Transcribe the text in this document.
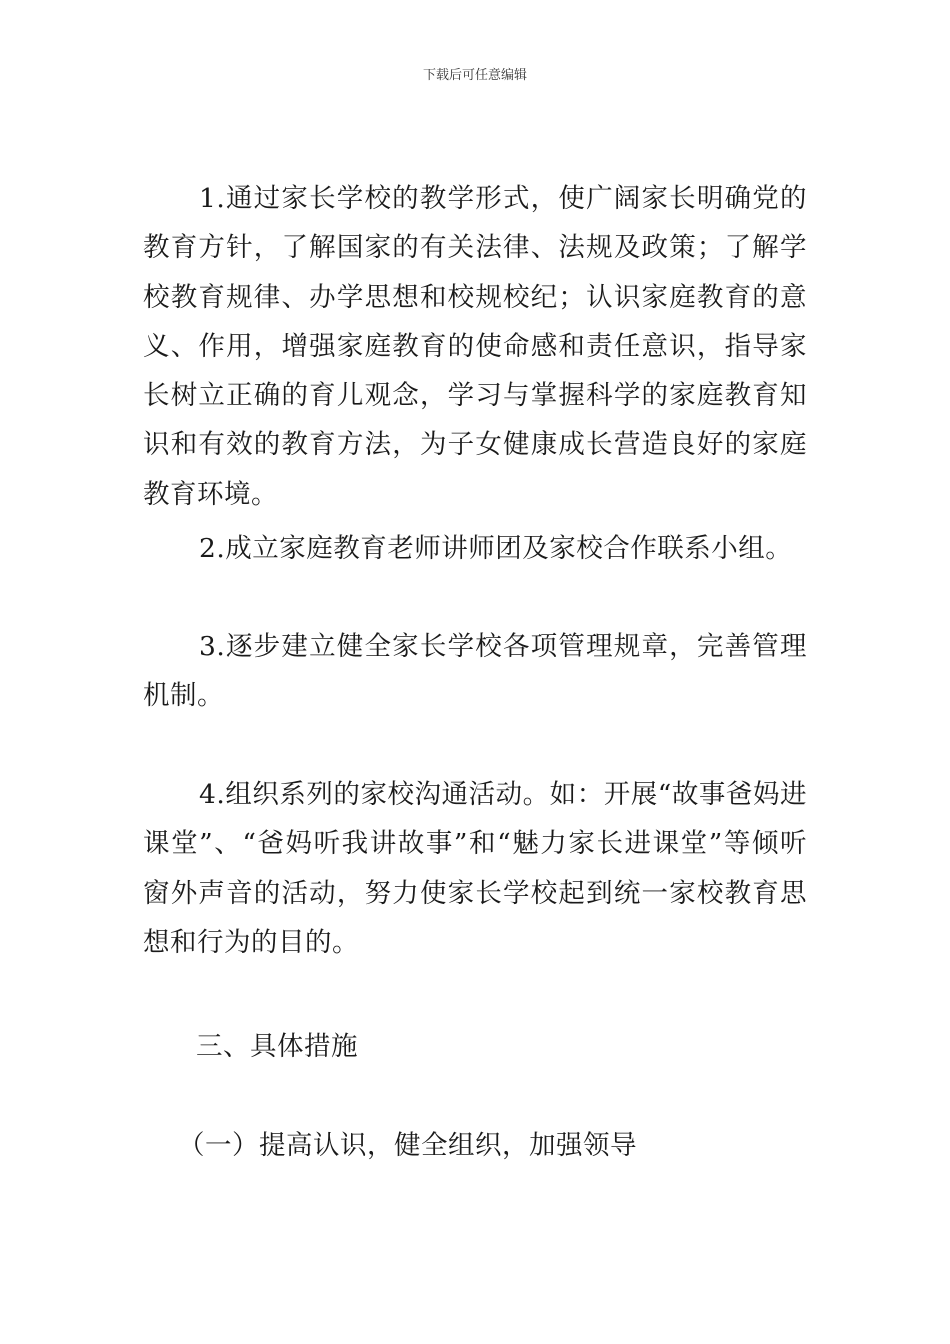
下载后可任意编辑

1.通过家长学校的教学形式，使广阔家长明确党的教育方针，了解国家的有关法律、法规及政策；了解学校教育规律、办学思想和校规校纪；认识家庭教育的意义、作用，增强家庭教育的使命感和责任意识，指导家长树立正确的育儿观念，学习与掌握科学的家庭教育知识和有效的教育方法，为子女健康成长营造良好的家庭教育环境。

2.成立家庭教育老师讲师团及家校合作联系小组。

3.逐步建立健全家长学校各项管理规章，完善管理机制。

4.组织系列的家校沟通活动。如：开展“故事爸妈进课堂”、“爸妈听我讲故事”和“魅力家长进课堂”等倾听窗外声音的活动，努力使家长学校起到统一家校教育思想和行为的目的。

三、具体措施

（一）提高认识，健全组织，加强领导
